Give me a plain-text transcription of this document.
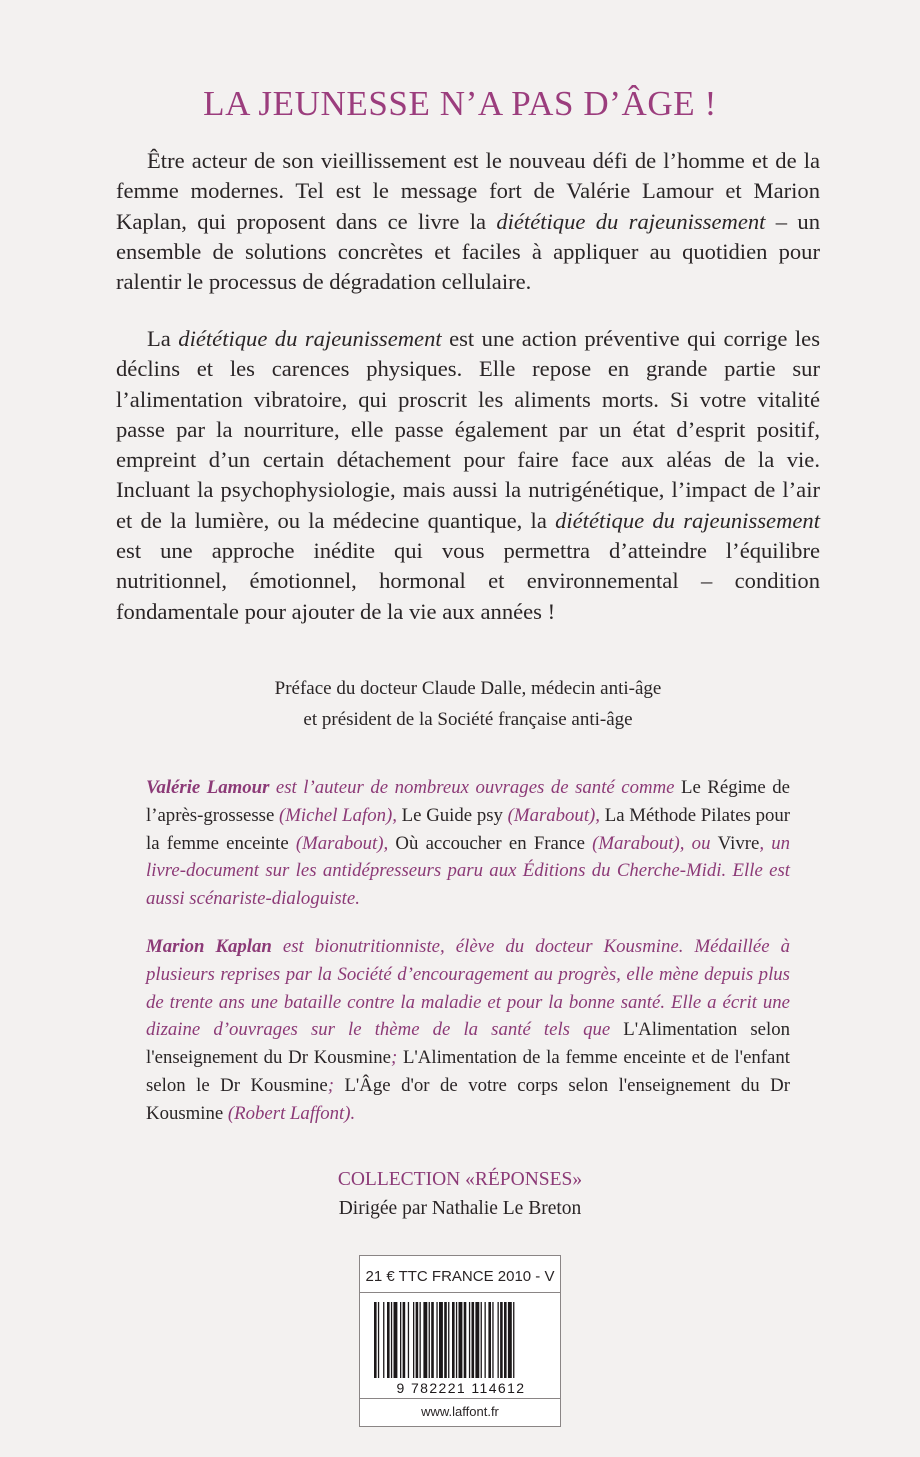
LA JEUNESSE N’A PAS D’ÂGE !

Être acteur de son vieillissement est le nouveau défi de l’homme et de la femme modernes. Tel est le message fort de Valérie Lamour et Marion Kaplan, qui proposent dans ce livre la diététique du rajeunissement – un ensemble de solutions concrètes et faciles à appliquer au quotidien pour ralentir le processus de dégradation cellulaire.

La diététique du rajeunissement est une action préventive qui corrige les déclins et les carences physiques. Elle repose en grande partie sur l’alimentation vibratoire, qui proscrit les aliments morts. Si votre vitalité passe par la nourriture, elle passe également par un état d’esprit positif, empreint d’un certain détachement pour faire face aux aléas de la vie. Incluant la psychophysiologie, mais aussi la nutrigénétique, l’impact de l’air et de la lumière, ou la médecine quantique, la diététique du rajeunissement est une approche inédite qui vous permettra d’atteindre l’équilibre nutritionnel, émotionnel, hormonal et environnemental – condition fondamentale pour ajouter de la vie aux années !

Préface du docteur Claude Dalle, médecin anti-âge
et président de la Société française anti-âge

Valérie Lamour est l’auteur de nombreux ouvrages de santé comme Le Régime de l’après-grossesse (Michel Lafon), Le Guide psy (Marabout), La Méthode Pilates pour la femme enceinte (Marabout), Où accoucher en France (Marabout), ou Vivre, un livre-document sur les antidépresseurs paru aux Éditions du Cherche-Midi. Elle est aussi scénariste-dialoguiste.

Marion Kaplan est bionutritionniste, élève du docteur Kousmine. Médaillée à plusieurs reprises par la Société d’encouragement au progrès, elle mène depuis plus de trente ans une bataille contre la maladie et pour la bonne santé. Elle a écrit une dizaine d’ouvrages sur le thème de la santé tels que L'Alimentation selon l'enseignement du Dr Kousmine; L'Alimentation de la femme enceinte et de l'enfant selon le Dr Kousmine; L'Âge d'or de votre corps selon l'enseignement du Dr Kousmine (Robert Laffont).

COLLECTION «RÉPONSES»
Dirigée par Nathalie Le Breton
21 € TTC FRANCE 2010 - V
9 782221 114612
www.laffont.fr
